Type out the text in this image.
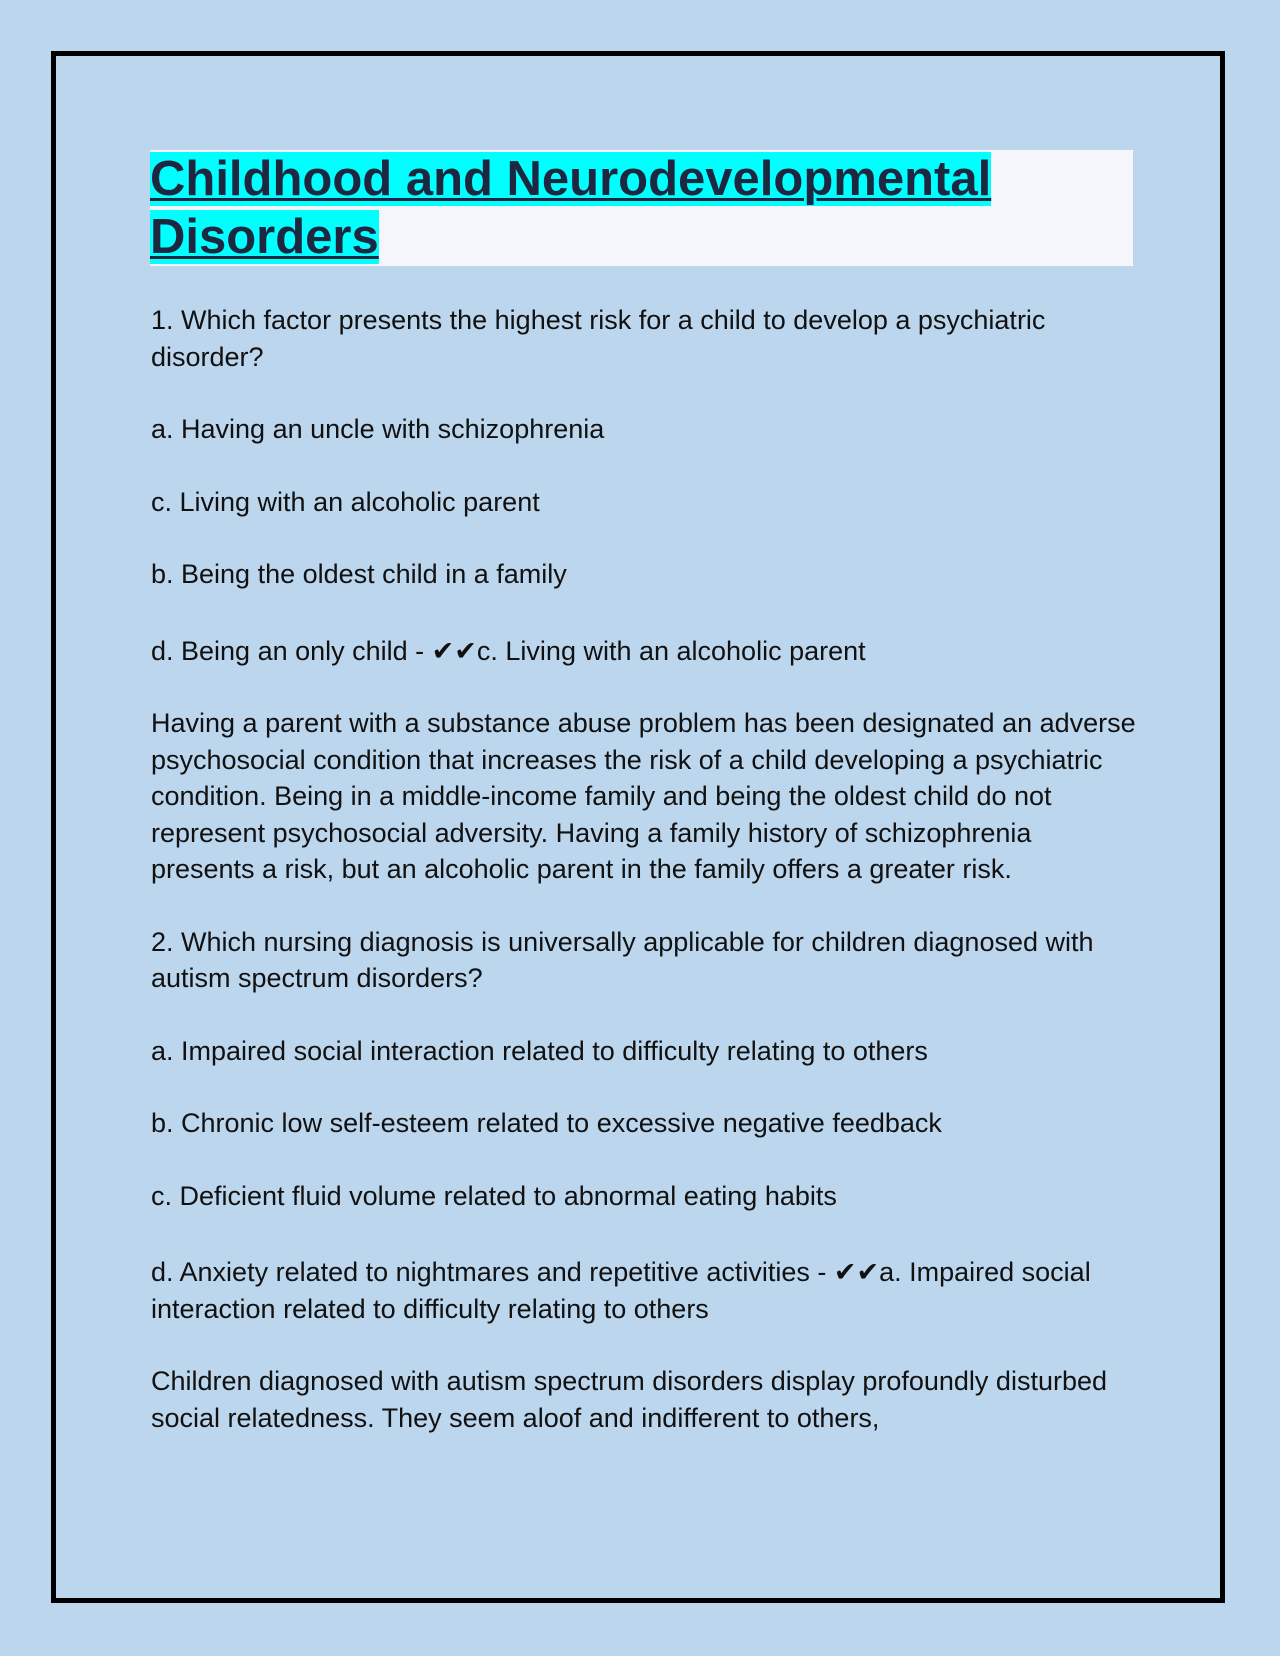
Childhood and Neurodevelopmental
Disorders

1. Which factor presents the highest risk for a child to develop a psychiatric disorder?

a. Having an uncle with schizophrenia

c. Living with an alcoholic parent

b. Being the oldest child in a family

d. Being an only child - ✔✔c. Living with an alcoholic parent

Having a parent with a substance abuse problem has been designated an adverse psychosocial condition that increases the risk of a child developing a psychiatric condition. Being in a middle-income family and being the oldest child do not represent psychosocial adversity. Having a family history of schizophrenia presents a risk, but an alcoholic parent in the family offers a greater risk.

2. Which nursing diagnosis is universally applicable for children diagnosed with autism spectrum disorders?

a. Impaired social interaction related to difficulty relating to others

b. Chronic low self-esteem related to excessive negative feedback

c. Deficient fluid volume related to abnormal eating habits

d. Anxiety related to nightmares and repetitive activities - ✔✔a. Impaired social interaction related to difficulty relating to others

Children diagnosed with autism spectrum disorders display profoundly disturbed social relatedness. They seem aloof and indifferent to others,
